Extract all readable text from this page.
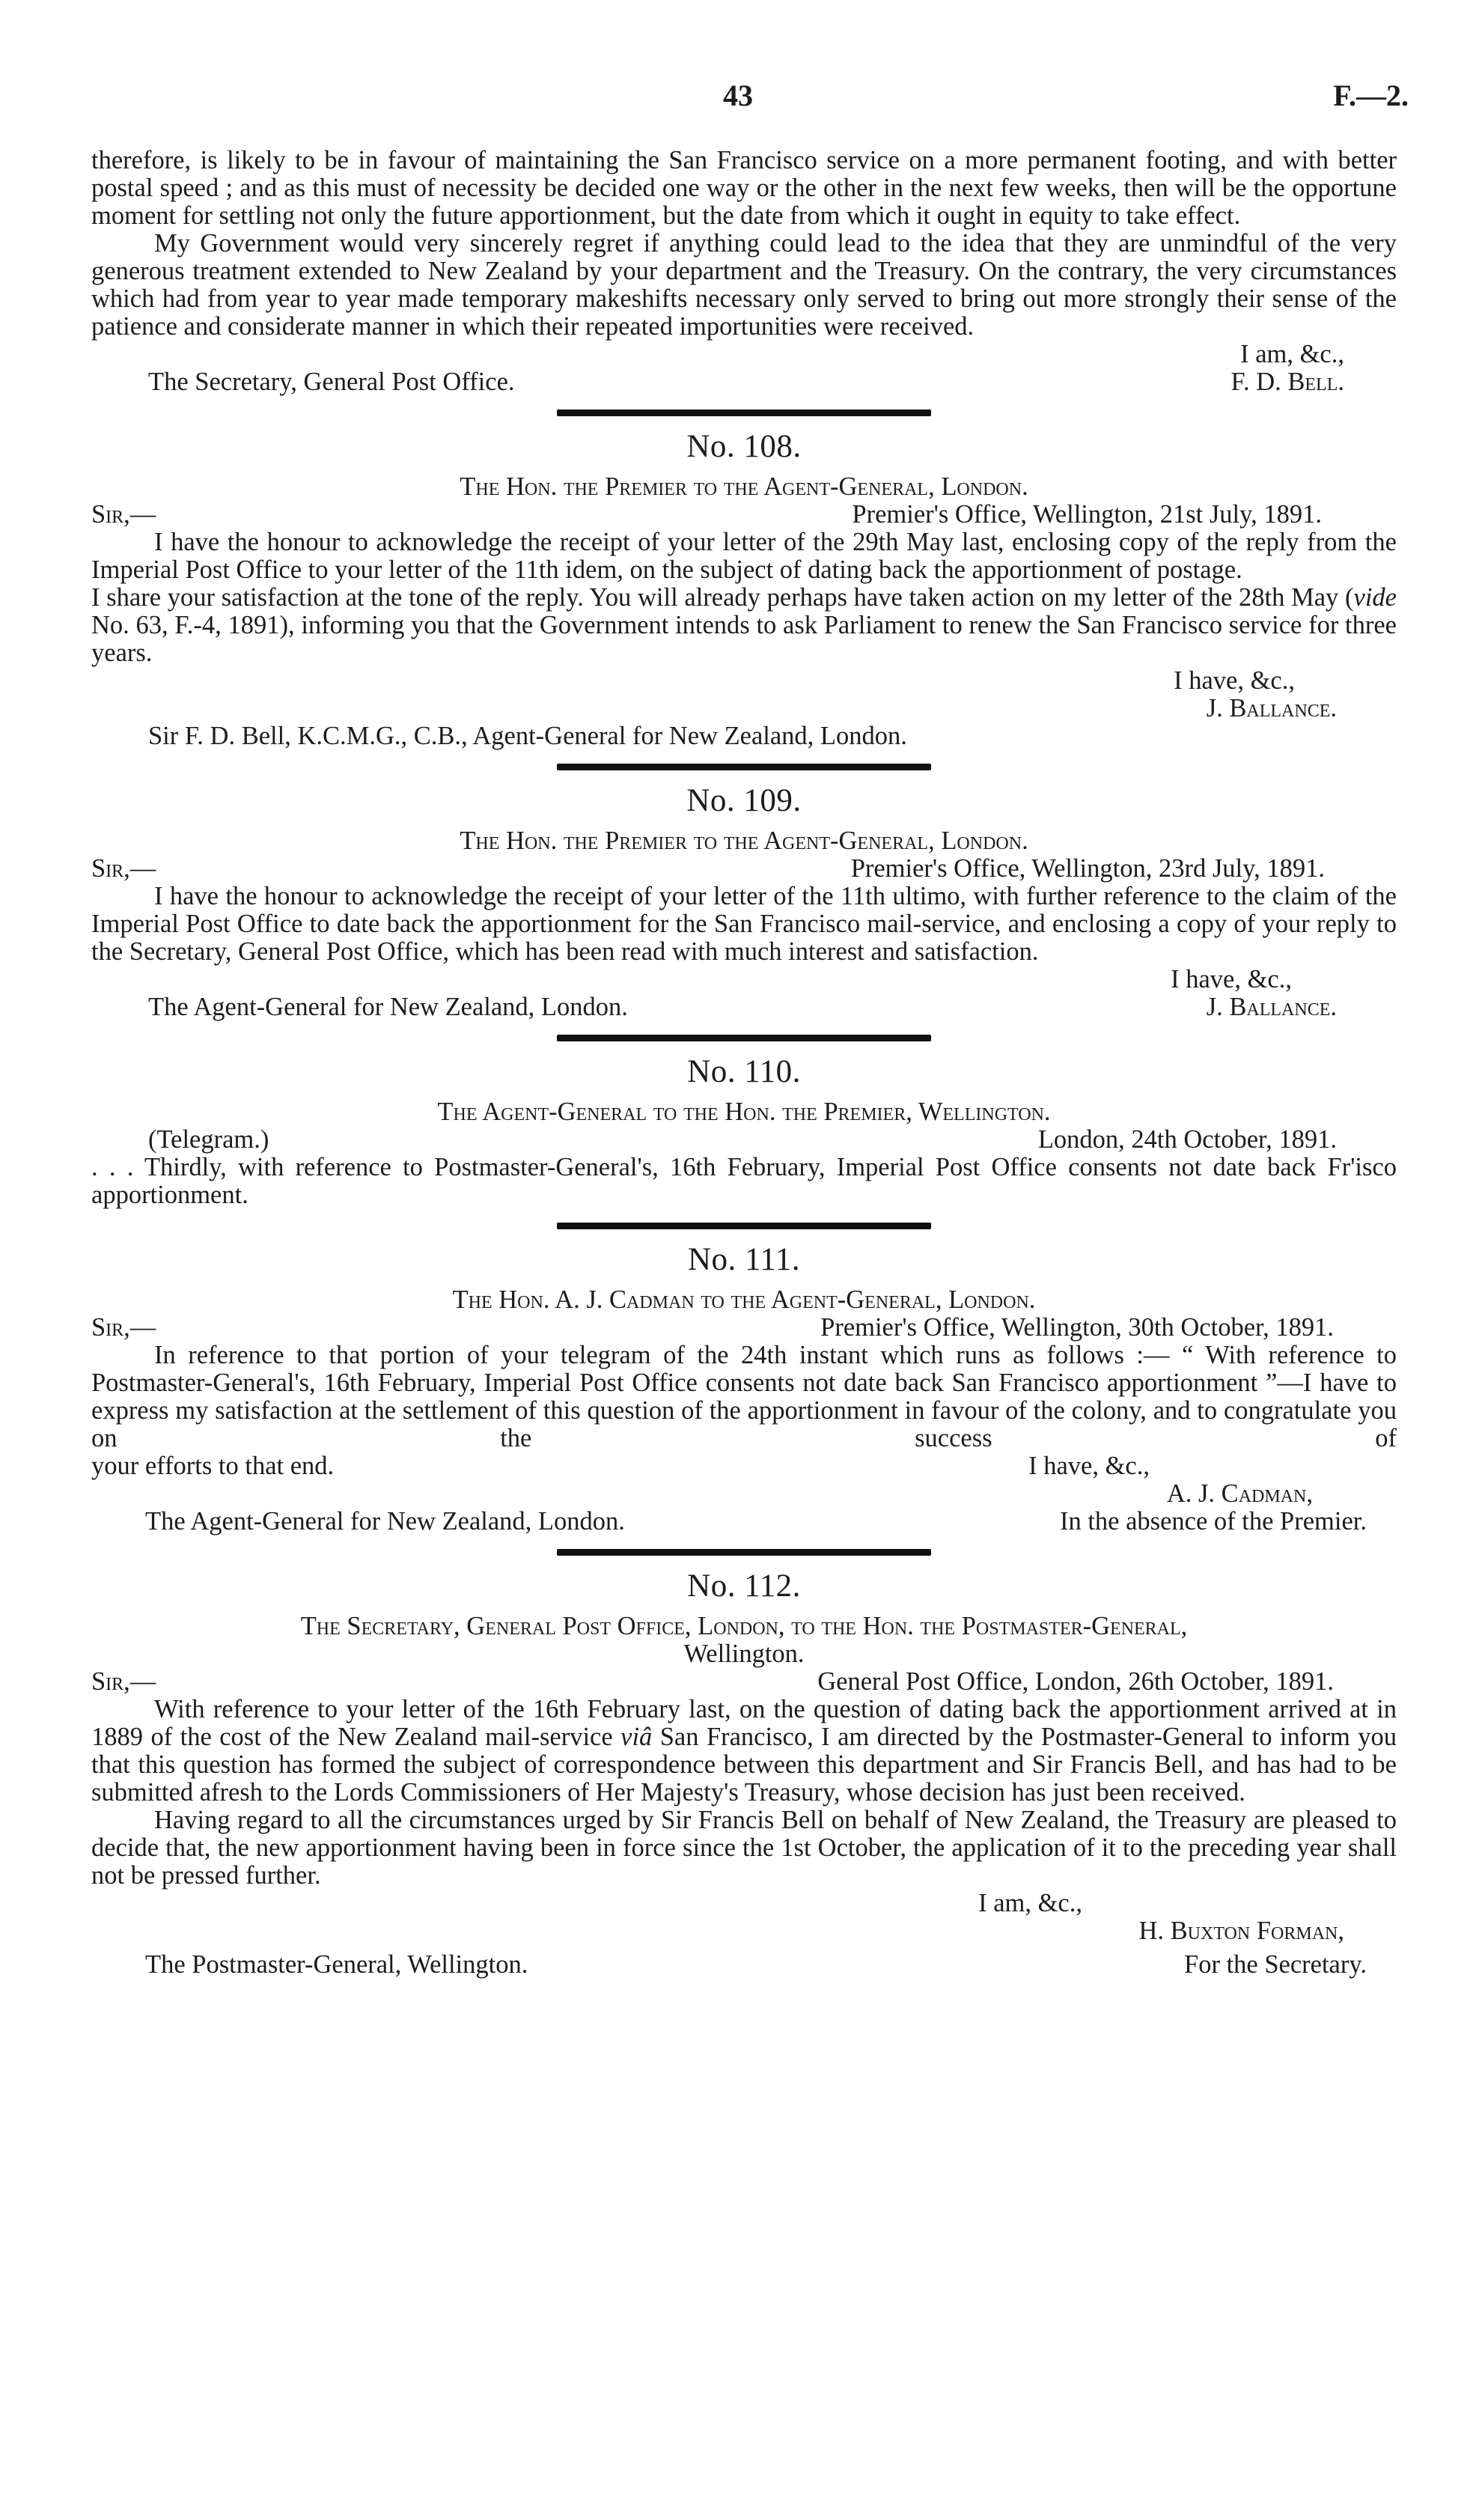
43	F.—2.

therefore, is likely to be in favour of maintaining the San Francisco service on a more permanent footing, and with better postal speed ; and as this must of necessity be decided one way or the other in the next few weeks, then will be the opportune moment for settling not only the future apportionment, but the date from which it ought in equity to take effect.

My Government would very sincerely regret if anything could lead to the idea that they are unmindful of the very generous treatment extended to New Zealand by your department and the Treasury. On the contrary, the very circumstances which had from year to year made temporary makeshifts necessary only served to bring out more strongly their sense of the patience and considerate manner in which their repeated importunities were received.

I am, &c.,

The Secretary, General Post Office.	F. D. Bell.
No. 108.

The Hon. the Premier to the Agent-General, London.

Sir,—	Premier's Office, Wellington, 21st July, 1891.

I have the honour to acknowledge the receipt of your letter of the 29th May last, enclosing copy of the reply from the Imperial Post Office to your letter of the 11th idem, on the subject of dating back the apportionment of postage.

I share your satisfaction at the tone of the reply. You will already perhaps have taken action on my letter of the 28th May (vide No. 63, F.-4, 1891), informing you that the Government intends to ask Parliament to renew the San Francisco service for three years.

I have, &c.,

J. Ballance.

Sir F. D. Bell, K.C.M.G., C.B., Agent-General for New Zealand, London.

No. 109.

The Hon. the Premier to the Agent-General, London.

Sir,—	Premier's Office, Wellington, 23rd July, 1891.

I have the honour to acknowledge the receipt of your letter of the 11th ultimo, with further reference to the claim of the Imperial Post Office to date back the apportionment for the San Francisco mail-service, and enclosing a copy of your reply to the Secretary, General Post Office, which has been read with much interest and satisfaction.

I have, &c.,

The Agent-General for New Zealand, London.	J. Ballance.
No. 110.

The Agent-General to the Hon. the Premier, Wellington.

(Telegram.)	London, 24th October, 1891.

. . . Thirdly, with reference to Postmaster-General's, 16th February, Imperial Post Office consents not date back Fr'isco apportionment.

No. 111.

The Hon. A. J. Cadman to the Agent-General, London.

Sir,—	Premier's Office, Wellington, 30th October, 1891.

In reference to that portion of your telegram of the 24th instant which runs as follows :— “ With reference to Postmaster-General's, 16th February, Imperial Post Office consents not date back San Francisco apportionment ”—I have to express my satisfaction at the settlement of this question of the apportionment in favour of the colony, and to congratulate you on the success of

your efforts to that end.	I have, &c.,

A. J. Cadman,

The Agent-General for New Zealand, London.	In the absence of the Premier.
No. 112.

The Secretary, General Post Office, London, to the Hon. the Postmaster-General,

Wellington.

Sir,—	General Post Office, London, 26th October, 1891.

With reference to your letter of the 16th February last, on the question of dating back the apportionment arrived at in 1889 of the cost of the New Zealand mail-service viâ San Francisco, I am directed by the Postmaster-General to inform you that this question has formed the subject of correspondence between this department and Sir Francis Bell, and has had to be submitted afresh to the Lords Commissioners of Her Majesty's Treasury, whose decision has just been received.

Having regard to all the circumstances urged by Sir Francis Bell on behalf of New Zealand, the Treasury are pleased to decide that, the new apportionment having been in force since the 1st October, the application of it to the preceding year shall not be pressed further.

I am, &c.,

H. Buxton Forman,

The Postmaster-General, Wellington.	For the Secretary.
